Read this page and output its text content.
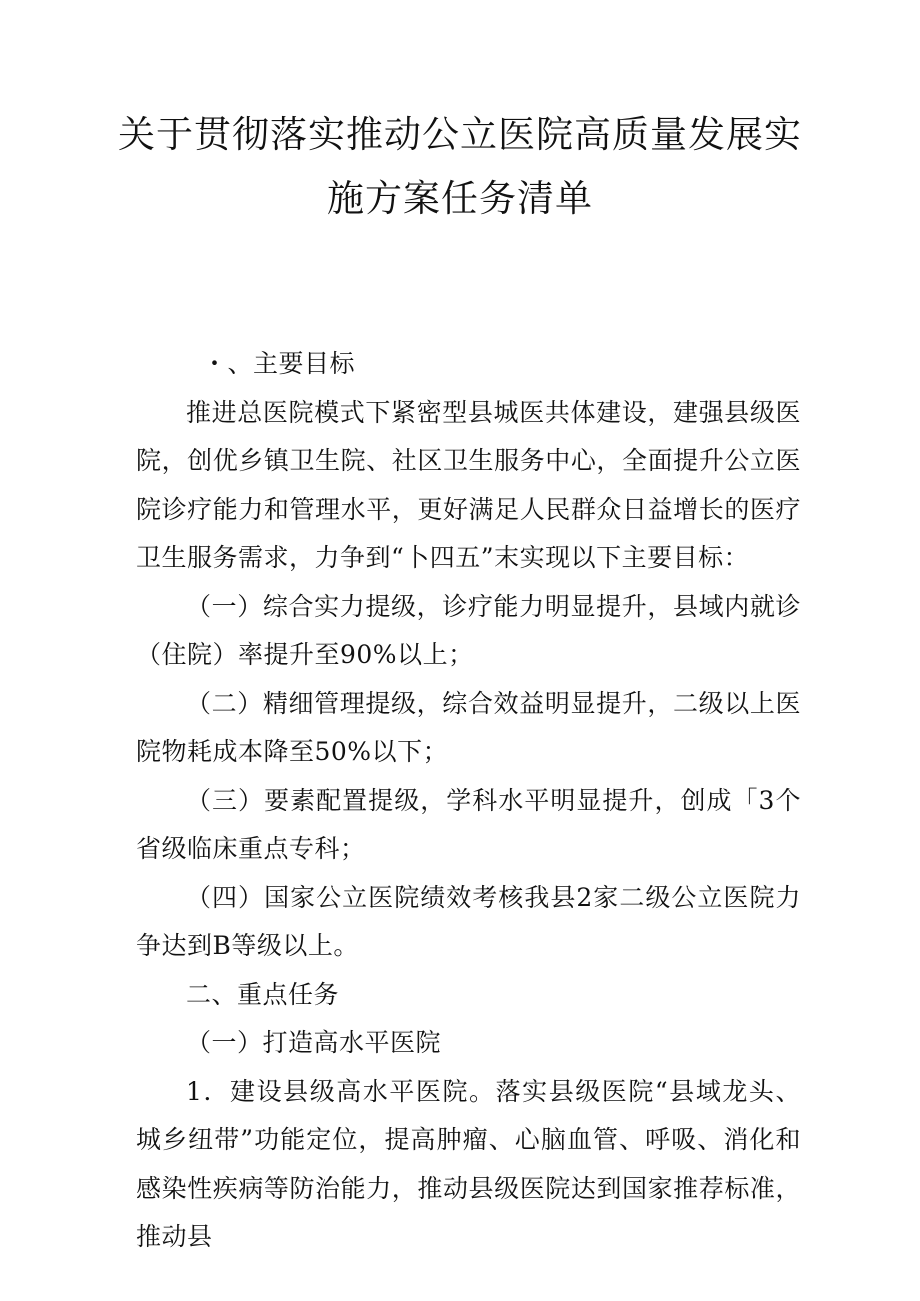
关于贯彻落实推动公立医院高质量发展实
施方案任务清单

・、主要目标

推进总医院模式下紧密型县城医共体建设，建强县级医院，创优乡镇卫生院、社区卫生服务中心，全面提升公立医院诊疗能力和管理水平，更好满足人民群众日益增长的医疗卫生服务需求，力争到“卜四五”末实现以下主要目标：

（一）综合实力提级，诊疗能力明显提升，县域内就诊（住院）率提升至90%以上；

（二）精细管理提级，综合效益明显提升，二级以上医院物耗成本降至50%以下；

（三）要素配置提级，学科水平明显提升，创成「3个省级临床重点专科；

（四）国家公立医院绩效考核我县2家二级公立医院力争达到B等级以上。

二、重点任务

（一）打造高水平医院

1．建设县级高水平医院。落实县级医院“县域龙头、城乡纽带”功能定位，提高肿瘤、心脑血管、呼吸、消化和感染性疾病等防治能力，推动县级医院达到国家推荐标准，推动县
